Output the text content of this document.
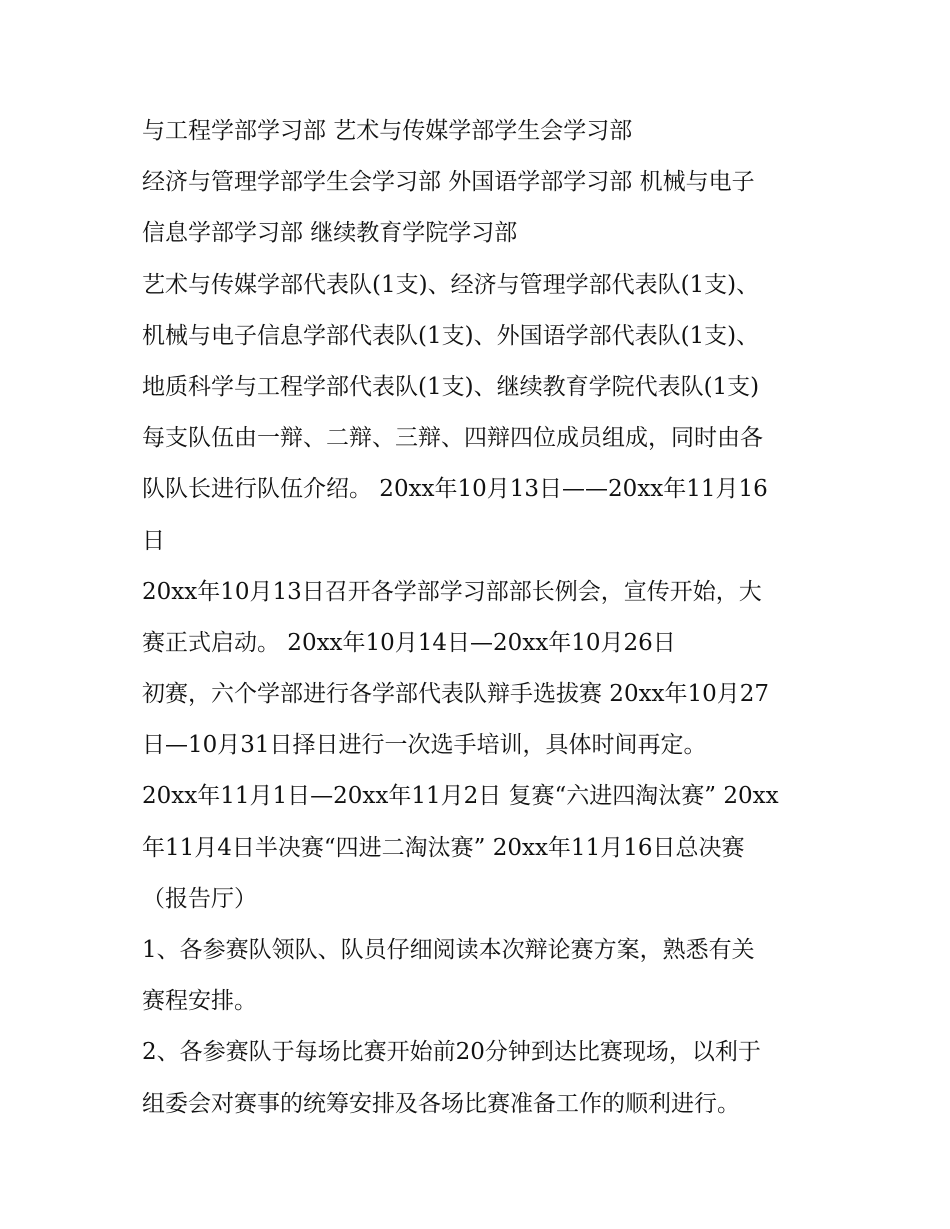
与工程学部学习部 艺术与传媒学部学生会学习部
经济与管理学部学生会学习部 外国语学部学习部 机械与电子
信息学部学习部 继续教育学院学习部
艺术与传媒学部代表队(1支)、经济与管理学部代表队(1支)、
机械与电子信息学部代表队(1支)、外国语学部代表队(1支)、
地质科学与工程学部代表队(1支)、继续教育学院代表队(1支)
每支队伍由一辩、二辩、三辩、四辩四位成员组成，同时由各
队队长进行队伍介绍。 20xx年10月13日——20xx年11月16
日
20xx年10月13日召开各学部学习部部长例会，宣传开始，大
赛正式启动。 20xx年10月14日—20xx年10月26日
初赛，六个学部进行各学部代表队辩手选拔赛 20xx年10月27
日—10月31日择日进行一次选手培训，具体时间再定。
20xx年11月1日—20xx年11月2日 复赛“六进四淘汰赛” 20xx
年11月4日半决赛“四进二淘汰赛” 20xx年11月16日总决赛
（报告厅）
1、各参赛队领队、队员仔细阅读本次辩论赛方案，熟悉有关
赛程安排。
2、各参赛队于每场比赛开始前20分钟到达比赛现场，以利于
组委会对赛事的统筹安排及各场比赛准备工作的顺利进行。
